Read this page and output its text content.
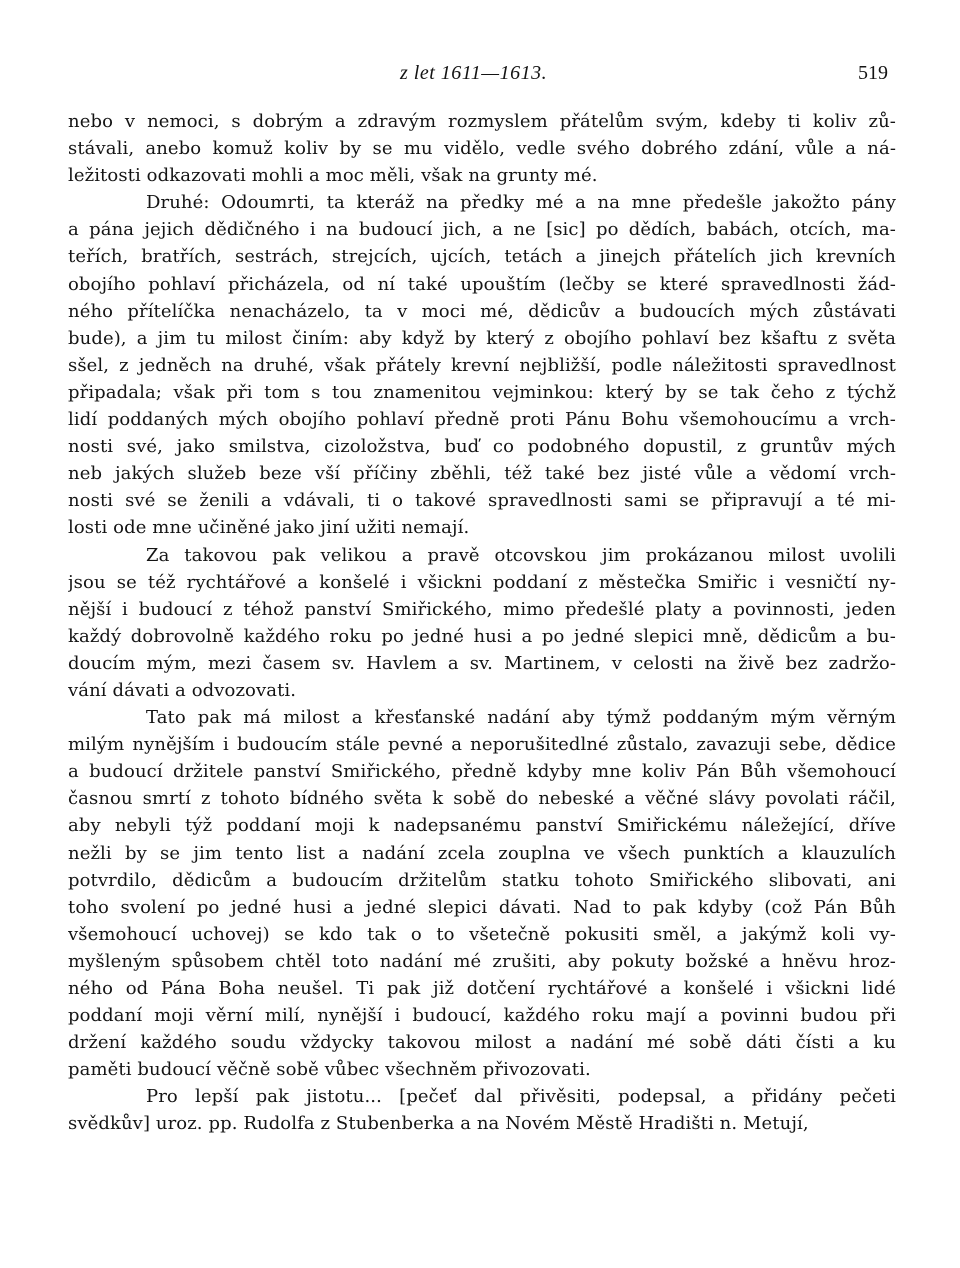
z let 1611—1613.	519

nebo v nemoci, s dobrým a zdravým rozmyslem přátelům svým, kdeby ti koliv zů-
stávali, anebo komuž koliv by se mu vidělo, vedle svého dobrého zdání, vůle a ná-
ležitosti odkazovati mohli a moc měli, však na grunty mé.

Druhé: Odoumrti, ta kteráž na předky mé a na mne předešle jakožto pány
a pána jejich dědičného i na budoucí jich, a ne [sic] po dědích, babách, otcích, ma-
teřích, bratřích, sestrách, strejcích, ujcích, tetách a jinejch přátelích jich krevních
obojího pohlaví přicházela, od ní také upouštím (lečby se které spravedlnosti žád-
ného přítelíčka nenacházelo, ta v moci mé, dědicův a budoucích mých zůstávati
bude), a jim tu milost činím: aby když by který z obojího pohlaví bez kšaftu z světa
sšel, z jedněch na druhé, však přátely krevní nejbližší, podle náležitosti spravedlnost
připadala; však při tom s tou znamenitou vejminkou: který by se tak čeho z týchž
lidí poddaných mých obojího pohlaví předně proti Pánu Bohu všemohoucímu a vrch-
nosti své, jako smilstva, cizoložstva, buď co podobného dopustil, z gruntův mých
neb jakých služeb beze vší příčiny zběhli, též také bez jisté vůle a vědomí vrch-
nosti své se ženili a vdávali, ti o takové spravedlnosti sami se připravují a té mi-
losti ode mne učiněné jako jiní užiti nemají.

Za takovou pak velikou a pravě otcovskou jim prokázanou milost uvolili
jsou se též rychtářové a konšelé i všickni poddaní z městečka Smiřic i vesničtí ny-
nější i budoucí z téhož panství Smiřického, mimo předešlé platy a povinnosti, jeden
každý dobrovolně každého roku po jedné husi a po jedné slepici mně, dědicům a bu-
doucím mým, mezi časem sv. Havlem a sv. Martinem, v celosti na živě bez zadržo-
vání dávati a odvozovati.

Tato pak má milost a křesťanské nadání aby týmž poddaným mým věrným
milým nynějším i budoucím stále pevné a neporušitedlné zůstalo, zavazuji sebe, dědice
a budoucí držitele panství Smiřického, předně kdyby mne koliv Pán Bůh všemohoucí
časnou smrtí z tohoto bídného světa k sobě do nebeské a věčné slávy povolati ráčil,
aby nebyli týž poddaní moji k nadepsanému panství Smiřickému náležející, dříve
nežli by se jim tento list a nadání zcela zouplna ve všech punktích a klauzulích
potvrdilo, dědicům a budoucím držitelům statku tohoto Smiřického slibovati, ani
toho svolení po jedné husi a jedné slepici dávati. Nad to pak kdyby (což Pán Bůh
všemohoucí uchovej) se kdo tak o to všetečně pokusiti směl, a jakýmž koli vy-
myšleným spůsobem chtěl toto nadání mé zrušiti, aby pokuty božské a hněvu hroz-
ného od Pána Boha neušel. Ti pak již dotčení rychtářové a konšelé i všickni lidé
poddaní moji věrní milí, nynější i budoucí, každého roku mají a povinni budou při
držení každého soudu vždycky takovou milost a nadání mé sobě dáti čísti a ku
paměti budoucí věčně sobě vůbec všechněm přivozovati.

Pro lepší pak jistotu... [pečeť dal přivěsiti, podepsal, a přidány pečeti
svědkův] uroz. pp. Rudolfa z Stubenberka a na Novém Městě Hradišti n. Metují,
